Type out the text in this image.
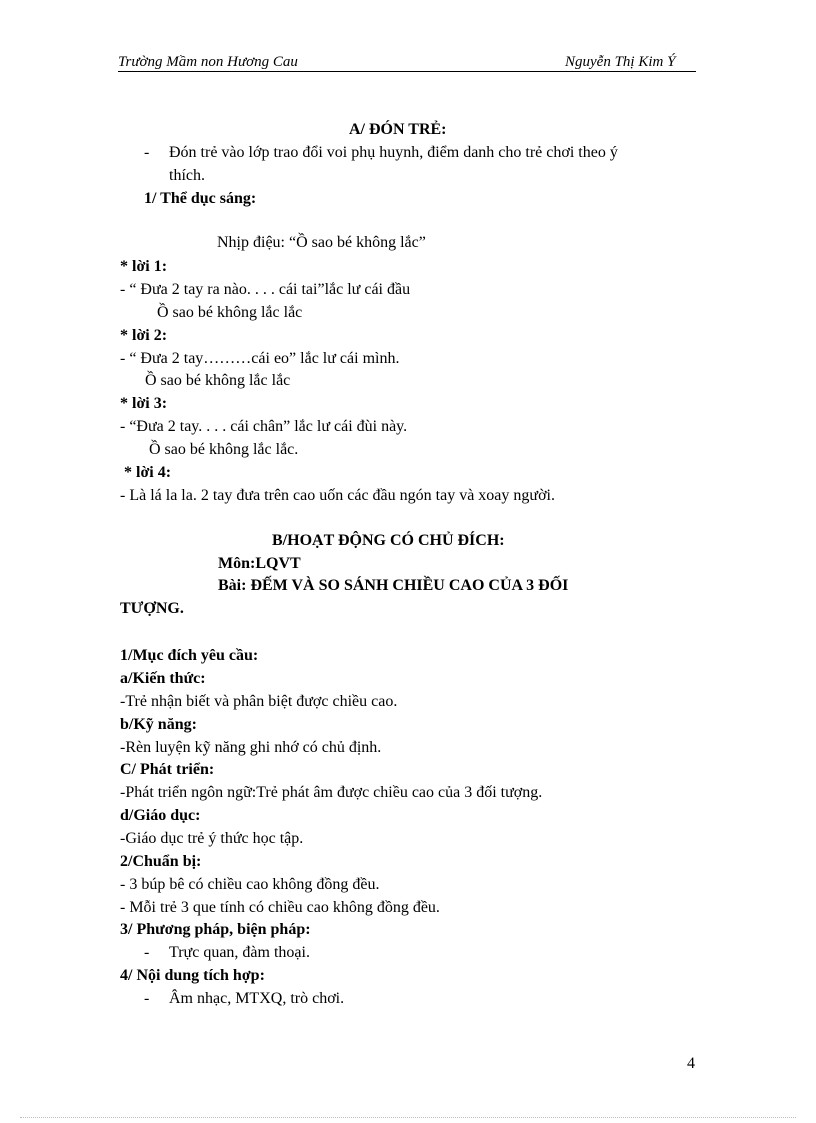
Trường Mầm non Hương Cau	Nguyễn Thị Kim Ý
A/ ĐÓN TRẺ:
- Đón trẻ vào lớp trao đổi voi phụ huynh, điểm danh cho trẻ chơi theo ý
thích.
1/ Thể dục sáng:
Nhịp điệu: “Ồ sao bé không lắc”
* lời 1:
- “ Đưa 2 tay ra nào. . . . cái tai”lắc lư cái đầu
Ồ sao bé không lắc lắc
* lời 2:
- “ Đưa 2 tay………cái eo” lắc lư cái mình.
Ồ sao bé không lắc lắc
* lời 3:
- “Đưa 2 tay. . . . cái chân” lắc lư cái đùi này.
Ồ sao bé không lắc lắc.
* lời 4:
- Là lá la la. 2 tay đưa trên cao uốn các đầu ngón tay và xoay người.
B/HOẠT ĐỘNG CÓ CHỦ ĐÍCH:
Môn:LQVT
Bài: ĐẾM VÀ SO SÁNH CHIỀU CAO CỦA 3 ĐỐI
TƯỢNG.
1/Mục đích yêu cầu:
a/Kiến thức:
-Trẻ nhận biết và phân biệt được chiều cao.
b/Kỹ năng:
-Rèn luyện kỹ năng ghi nhớ có chủ định.
C/ Phát triển:
-Phát triển ngôn ngữ:Trẻ phát âm được chiều cao của 3 đối tượng.
d/Giáo dục:
-Giáo dục trẻ ý thức học tập.
2/Chuẩn bị:
- 3 búp bê có chiều cao không đồng đều.
- Mỗi trẻ 3 que tính có chiều cao không đồng đều.
3/ Phương pháp, biện pháp:
- Trực quan, đàm thoại.
4/ Nội dung tích hợp:
- Âm nhạc, MTXQ, trò chơi.
4
